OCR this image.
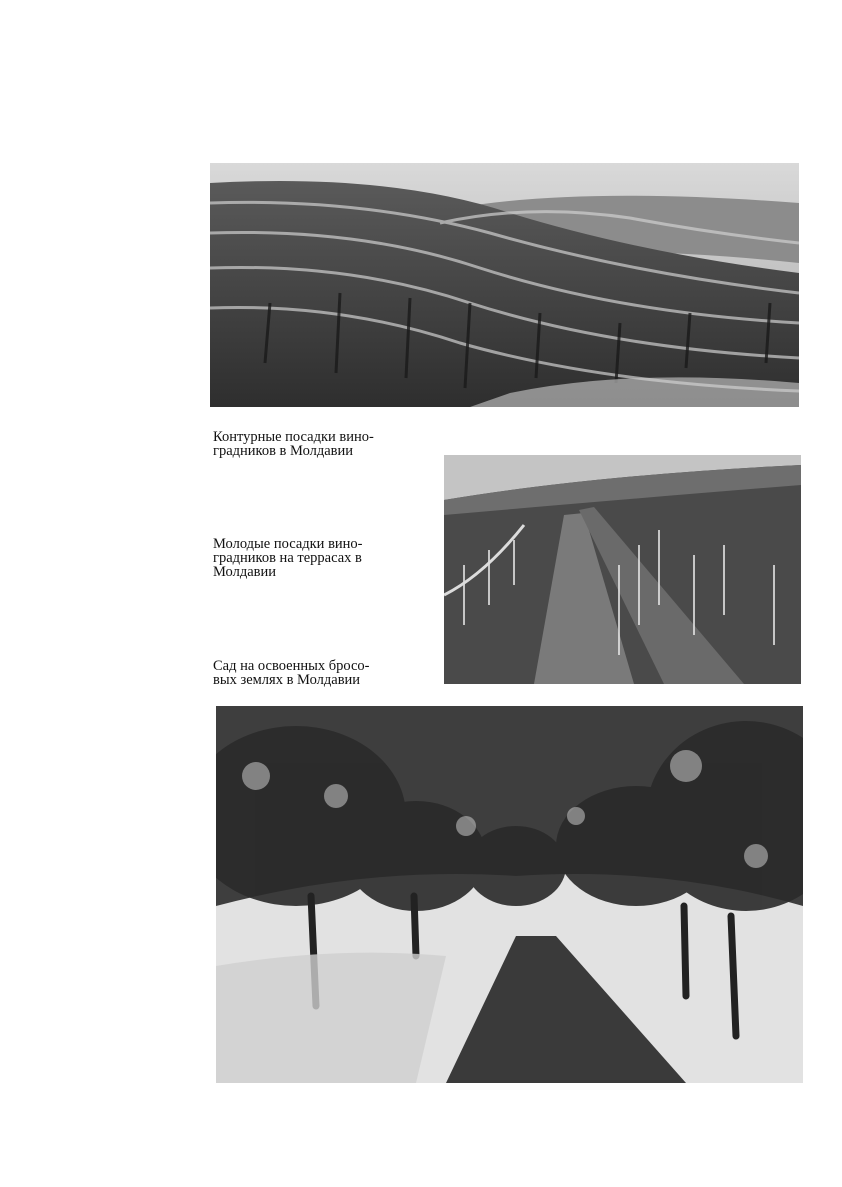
Контурные посадки вино-
градников в Молдавии
Молодые посадки вино-
градников на террасах в
Молдавии
Сад на освоенных бросо-
вых землях в Молдавии
